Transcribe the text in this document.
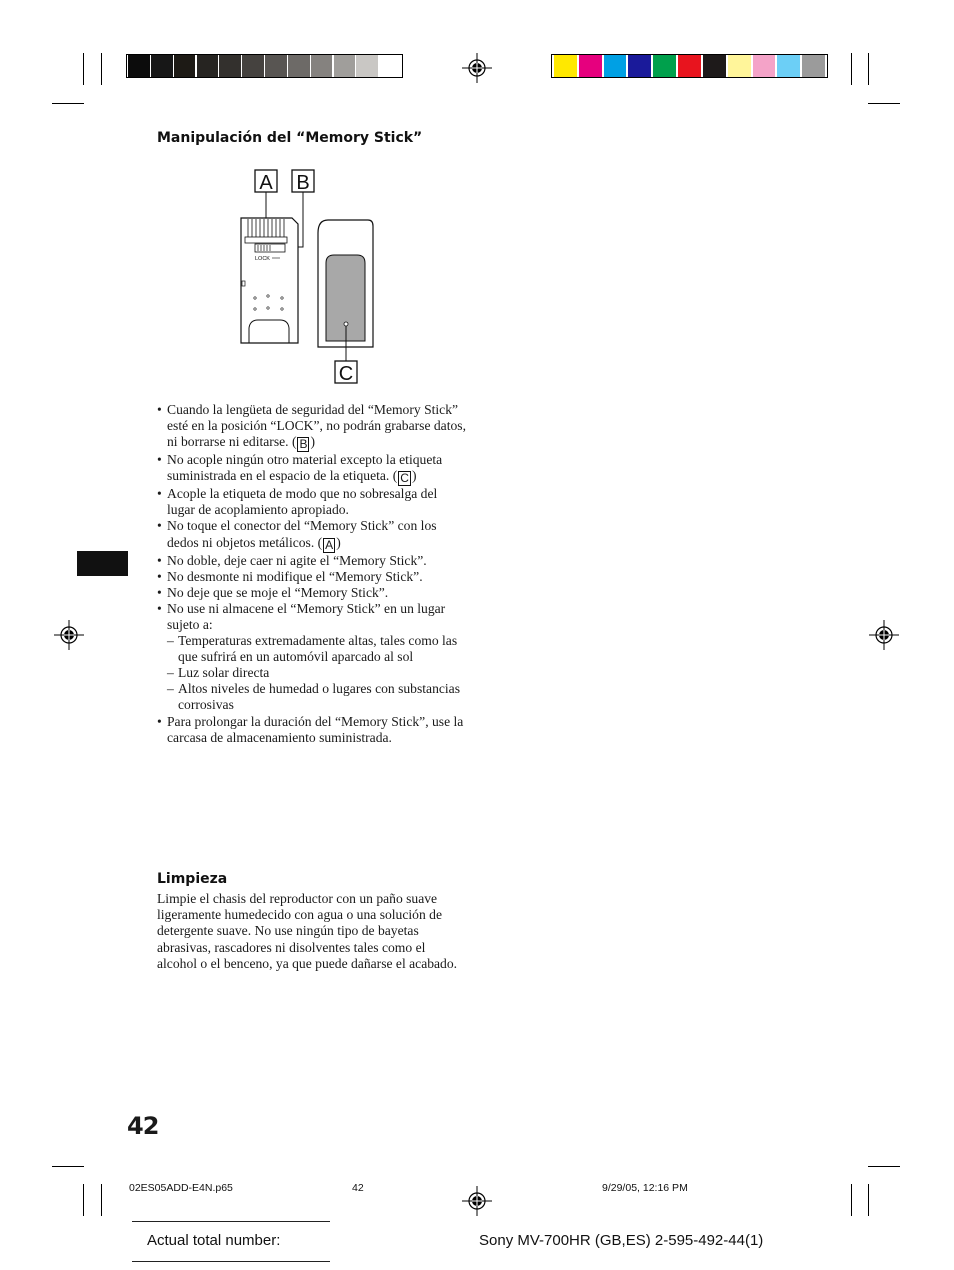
Manipulación del “Memory Stick”
A B
LOCK
C
• Cuando la lengüeta de seguridad del “Memory Stick” esté en la posición “LOCK”, no podrán grabarse datos, ni borrarse ni editarse. ( B )
• No acople ningún otro material excepto la etiqueta suministrada en el espacio de la etiqueta. ( C )
• Acople la etiqueta de modo que no sobresalga del lugar de acoplamiento apropiado.
• No toque el conector del “Memory Stick” con los dedos ni objetos metálicos. ( A )
• No doble, deje caer ni agite el “Memory Stick”.
• No desmonte ni modifique el “Memory Stick”.
• No deje que se moje el “Memory Stick”.
• No use ni almacene el “Memory Stick” en un lugar sujeto a:
– Temperaturas extremadamente altas, tales como las que sufrirá en un automóvil aparcado al sol
– Luz solar directa
– Altos niveles de humedad o lugares con substancias corrosivas
• Para prolongar la duración del “Memory Stick”, use la carcasa de almacenamiento suministrada.
Limpieza

Limpie el chasis del reproductor con un paño suave ligeramente humedecido con agua o una solución de detergente suave. No use ningún tipo de bayetas abrasivas, rascadores ni disolventes tales como el alcohol o el benceno, ya que puede dañarse el acabado.

42
02ES05ADD-E4N.p65	42	9/29/05, 12:16 PM
Actual total number:	Sony MV-700HR (GB,ES) 2-595-492-44(1)
